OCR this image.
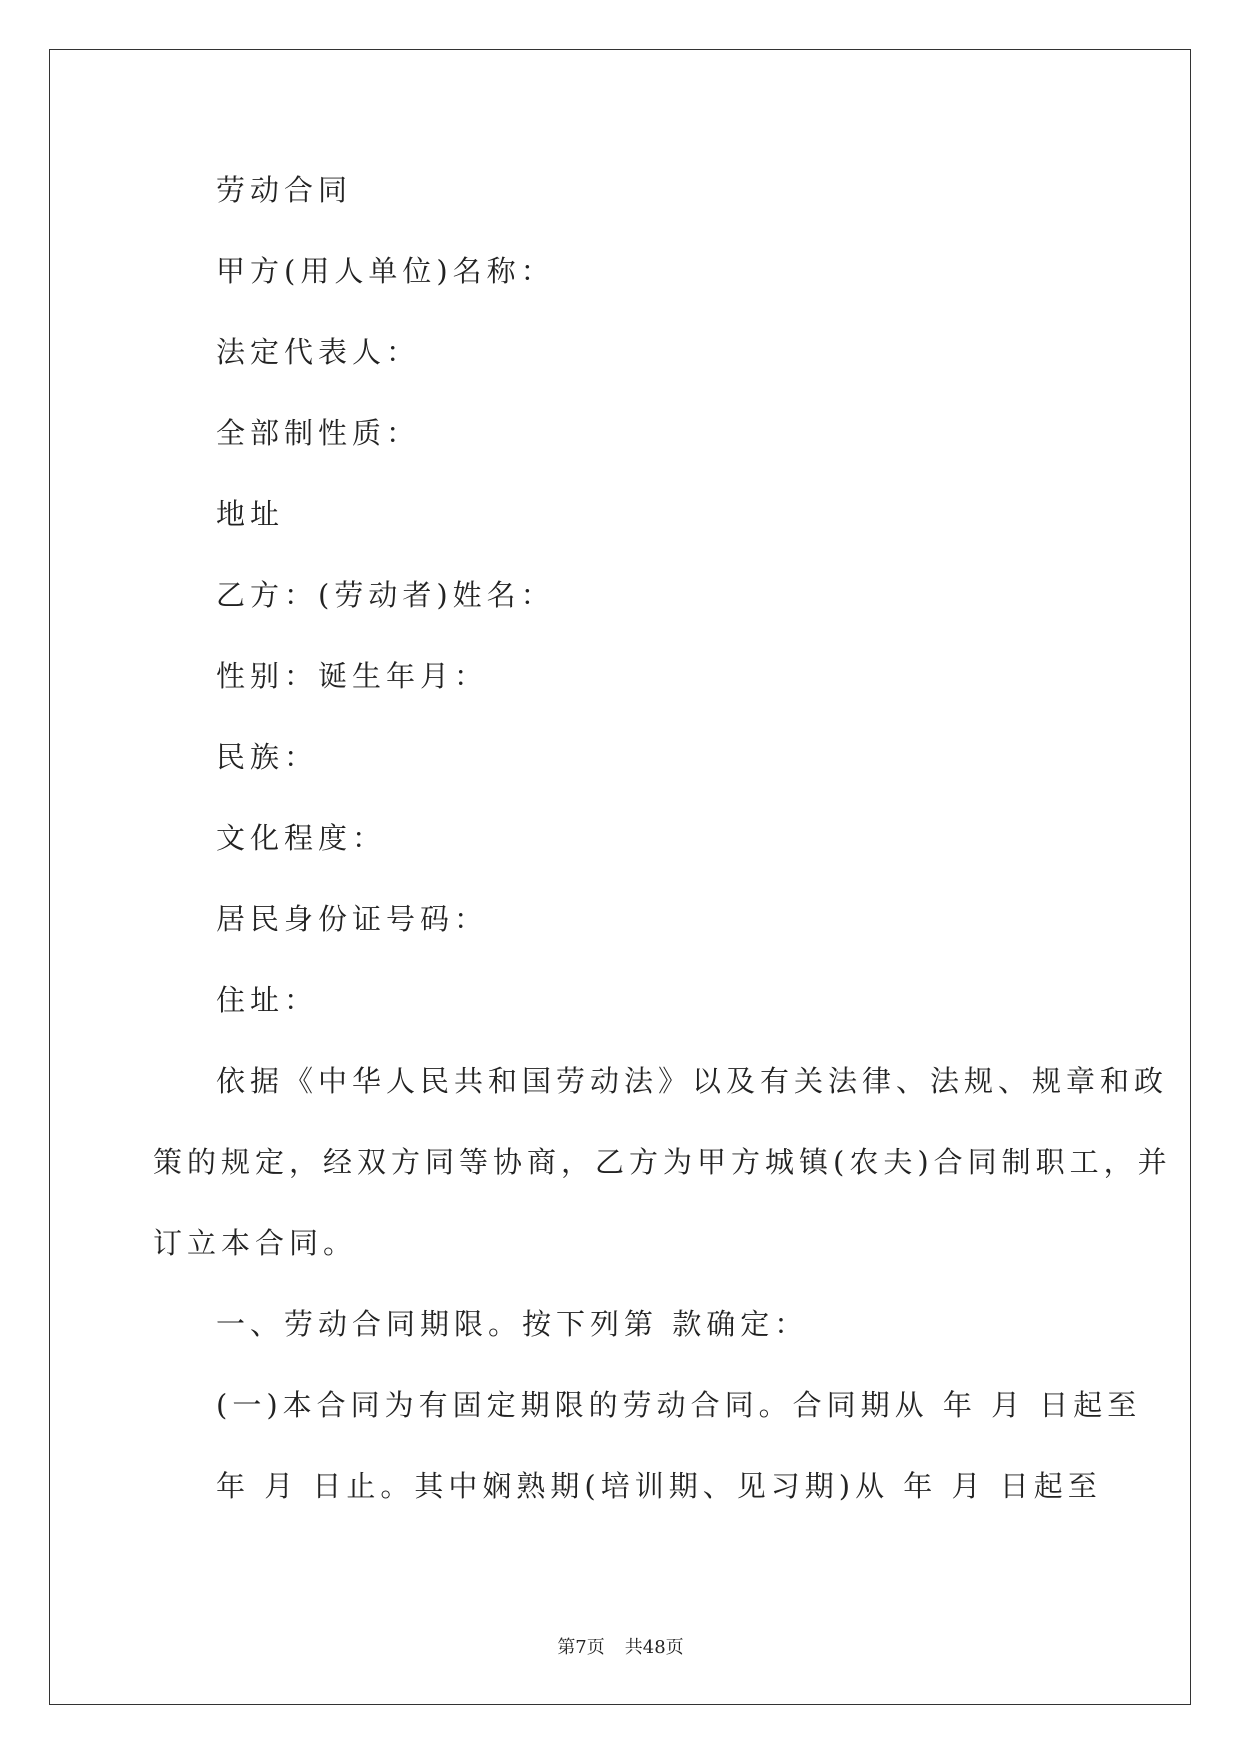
劳动合同
甲方(用人单位)名称：
法定代表人：
全部制性质：
地址
乙方：(劳动者)姓名：
性别：诞生年月：
民族：
文化程度：
居民身份证号码：
住址：
依据《中华人民共和国劳动法》以及有关法律、法规、规章和政
策的规定，经双方同等协商，乙方为甲方城镇(农夫)合同制职工，并
订立本合同。
一、劳动合同期限。按下列第 款确定：
(一)本合同为有固定期限的劳动合同。合同期从 年 月 日起至
年 月 日止。其中娴熟期(培训期、见习期)从 年 月 日起至
第7页 共48页
